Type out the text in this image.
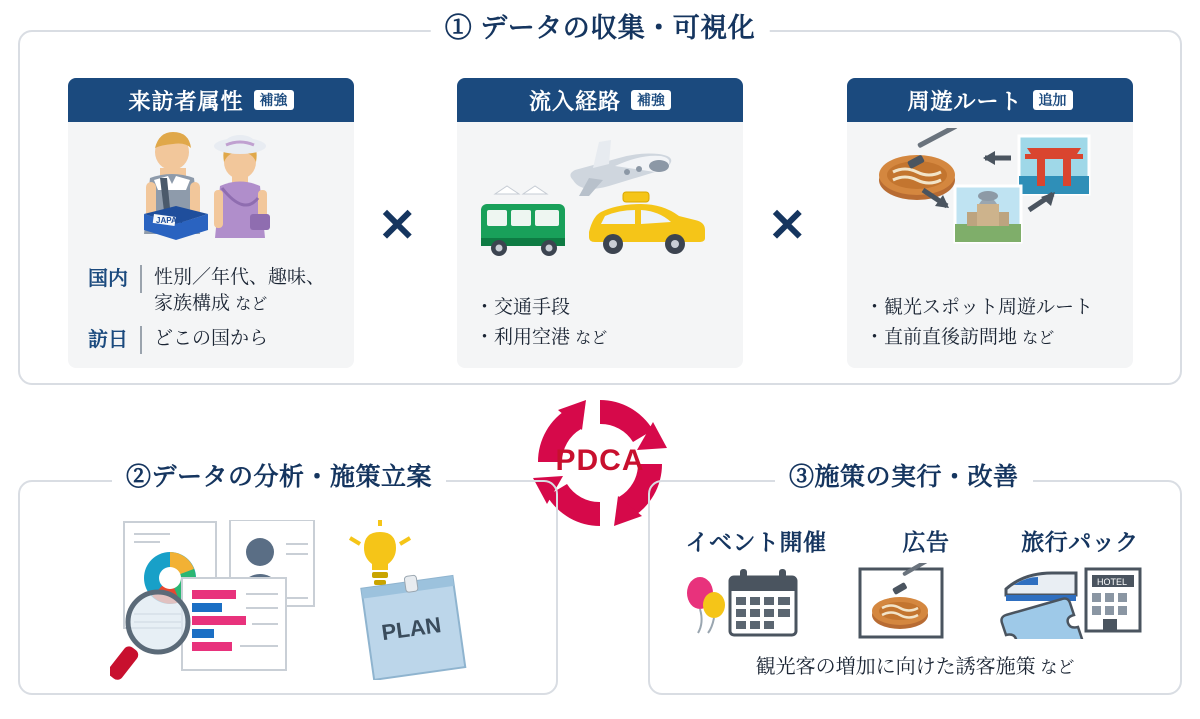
① データの収集・可視化
来訪者属性	補強
JAPAN
国内	性別／年代、趣味、
家族構成 など
訪日	どこの国から
✕
流入経路	補強
・交通手段
・利用空港 など
✕
周遊ルート	追加
・観光スポット周遊ルート
・直前直後訪問地 など
PDCA
②データの分析・施策立案
PLAN
③施策の実行・改善
イベント開催	広告	旅行パック
HOTEL
観光客の増加に向けた誘客施策 など
